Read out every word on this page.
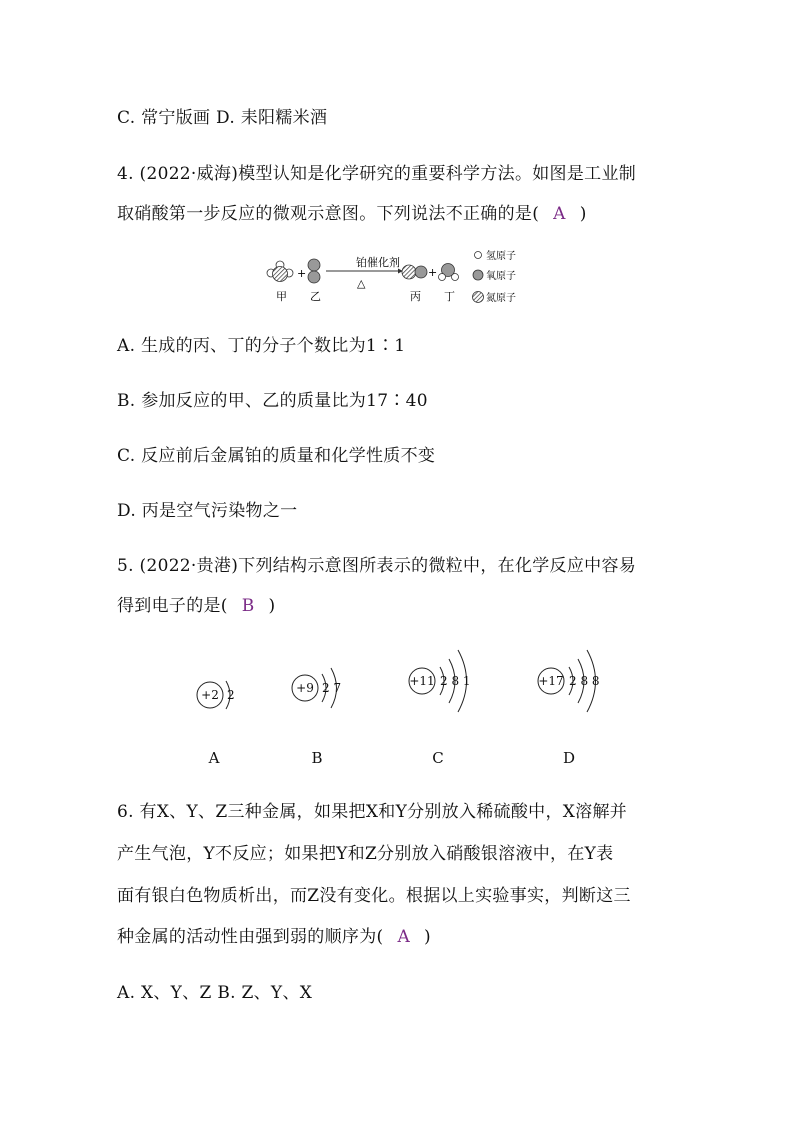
C. 常宁版画 D. 耒阳糯米酒
4. (2022·威海)模型认知是化学研究的重要科学方法。如图是工业制
取硝酸第一步反应的微观示意图。下列说法不正确的是( A )
+
铂催化剂
△
+
甲 乙	丙 丁
氢原子
氧原子
氮原子
A. 生成的丙、丁的分子个数比为1∶1
B. 参加反应的甲、乙的质量比为17∶40
C. 反应前后金属铂的质量和化学性质不变
D. 丙是空气污染物之一
5. (2022·贵港)下列结构示意图所表示的微粒中，在化学反应中容易
得到电子的是( B )
+2 2	+9 2 7	+11 2 8 1	+17 2 8 8
A	B	C	D
6. 有X、Y、Z三种金属，如果把X和Y分别放入稀硫酸中，X溶解并
产生气泡，Y不反应；如果把Y和Z分别放入硝酸银溶液中，在Y表
面有银白色物质析出，而Z没有变化。根据以上实验事实，判断这三
种金属的活动性由强到弱的顺序为( A )
A. X、Y、Z B. Z、Y、X
